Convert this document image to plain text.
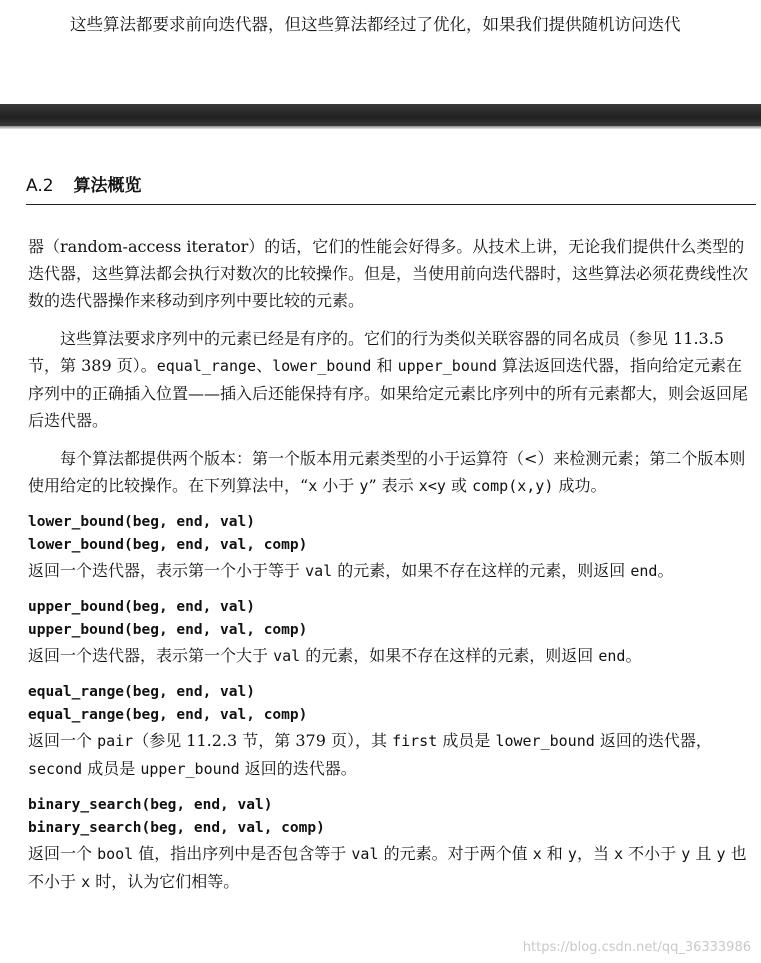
这些算法都要求前向迭代器，但这些算法都经过了优化，如果我们提供随机访问迭代
A.2 算法概览

器（random-access iterator）的话，它们的性能会好得多。从技术上讲，无论我们提供什么类型的迭代器，这些算法都会执行对数次的比较操作。但是，当使用前向迭代器时，这些算法必须花费线性次数的迭代器操作来移动到序列中要比较的元素。

这些算法要求序列中的元素已经是有序的。它们的行为类似关联容器的同名成员（参见 11.3.5 节，第 389 页）。equal_range、lower_bound 和 upper_bound 算法返回迭代器，指向给定元素在序列中的正确插入位置——插入后还能保持有序。如果给定元素比序列中的所有元素都大，则会返回尾后迭代器。

每个算法都提供两个版本：第一个版本用元素类型的小于运算符（<）来检测元素；第二个版本则使用给定的比较操作。在下列算法中，“x 小于 y” 表示 x<y 或 comp(x,y) 成功。

lower_bound(beg, end, val)
lower_bound(beg, end, val, comp)

返回一个迭代器，表示第一个小于等于 val 的元素，如果不存在这样的元素，则返回 end。

upper_bound(beg, end, val)
upper_bound(beg, end, val, comp)

返回一个迭代器，表示第一个大于 val 的元素，如果不存在这样的元素，则返回 end。

equal_range(beg, end, val)
equal_range(beg, end, val, comp)

返回一个 pair（参见 11.2.3 节，第 379 页），其 first 成员是 lower_bound 返回的迭代器，second 成员是 upper_bound 返回的迭代器。

binary_search(beg, end, val)
binary_search(beg, end, val, comp)

返回一个 bool 值，指出序列中是否包含等于 val 的元素。对于两个值 x 和 y，当 x 不小于 y 且 y 也不小于 x 时，认为它们相等。

https://blog.csdn.net/qq_36333986
